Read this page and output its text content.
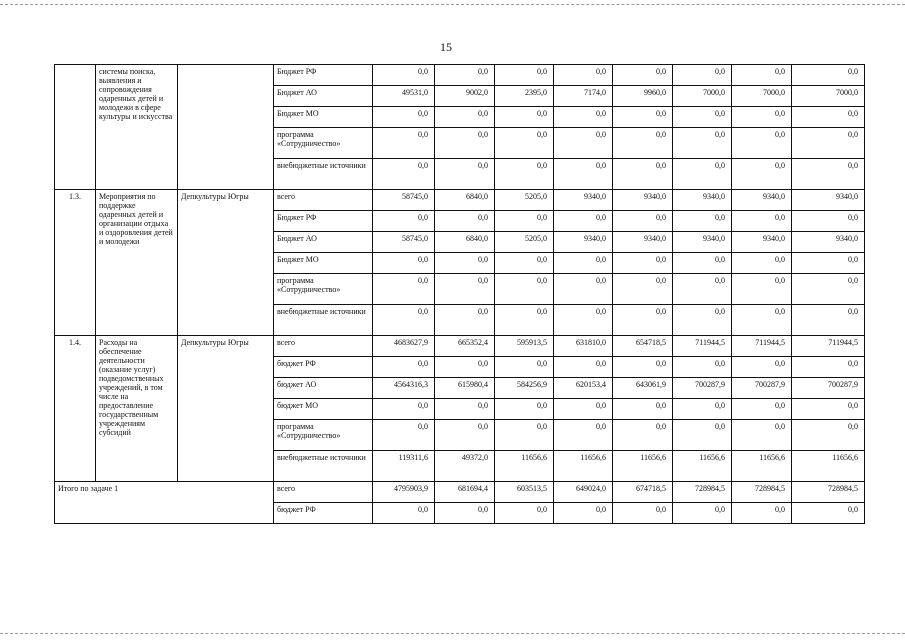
15
	системы поиска, выявления и сопровождения одаренных детей и молодежи в сфере культуры и искусства		Бюджет РФ	0,0	0,0	0,0	0,0	0,0	0,0	0,0	0,0
			Бюджет АО	49531,0	9002,0	2395,0	7174,0	9960,0	7000,0	7000,0	7000,0
			Бюджет МО	0,0	0,0	0,0	0,0	0,0	0,0	0,0	0,0
			программа «Сотрудничество»	0,0	0,0	0,0	0,0	0,0	0,0	0,0	0,0
			внебюджетные источники	0,0	0,0	0,0	0,0	0,0	0,0	0,0	0,0
1.3.	Мероприятия по поддержке одаренных детей и организации отдыха и оздоровления детей и молодежи	Депкультуры Югры	всего	58745,0	6840,0	5205,0	9340,0	9340,0	9340,0	9340,0	9340,0
			Бюджет РФ	0,0	0,0	0,0	0,0	0,0	0,0	0,0	0,0
			Бюджет АО	58745,0	6840,0	5205,0	9340,0	9340,0	9340,0	9340,0	9340,0
			Бюджет МО	0,0	0,0	0,0	0,0	0,0	0,0	0,0	0,0
			программа «Сотрудничество»	0,0	0,0	0,0	0,0	0,0	0,0	0,0	0,0
			внебюджетные источники	0,0	0,0	0,0	0,0	0,0	0,0	0,0	0,0
1.4.	Расходы на обеспечение деятельности (оказание услуг) подведомственных учреждений, в том числе на предоставление государственным учреждениям субсидий	Депкультуры Югры	всего	4683627,9	665352,4	595913,5	631810,0	654718,5	711944,5	711944,5	711944,5
			бюджет РФ	0,0	0,0	0,0	0,0	0,0	0,0	0,0	0,0
			бюджет АО	4564316,3	615980,4	584256,9	620153,4	643061,9	700287,9	700287,9	700287,9
			бюджет МО	0,0	0,0	0,0	0,0	0,0	0,0	0,0	0,0
			программа «Сотрудничество»	0,0	0,0	0,0	0,0	0,0	0,0	0,0	0,0
			внебюджетные источники	119311,6	49372,0	11656,6	11656,6	11656,6	11656,6	11656,6	11656,6
Итого по задаче 1			всего	4795903,9	681694,4	603513,5	649024,0	674718,5	728984,5	728984,5	728984,5
			бюджет РФ	0,0	0,0	0,0	0,0	0,0	0,0	0,0	0,0
